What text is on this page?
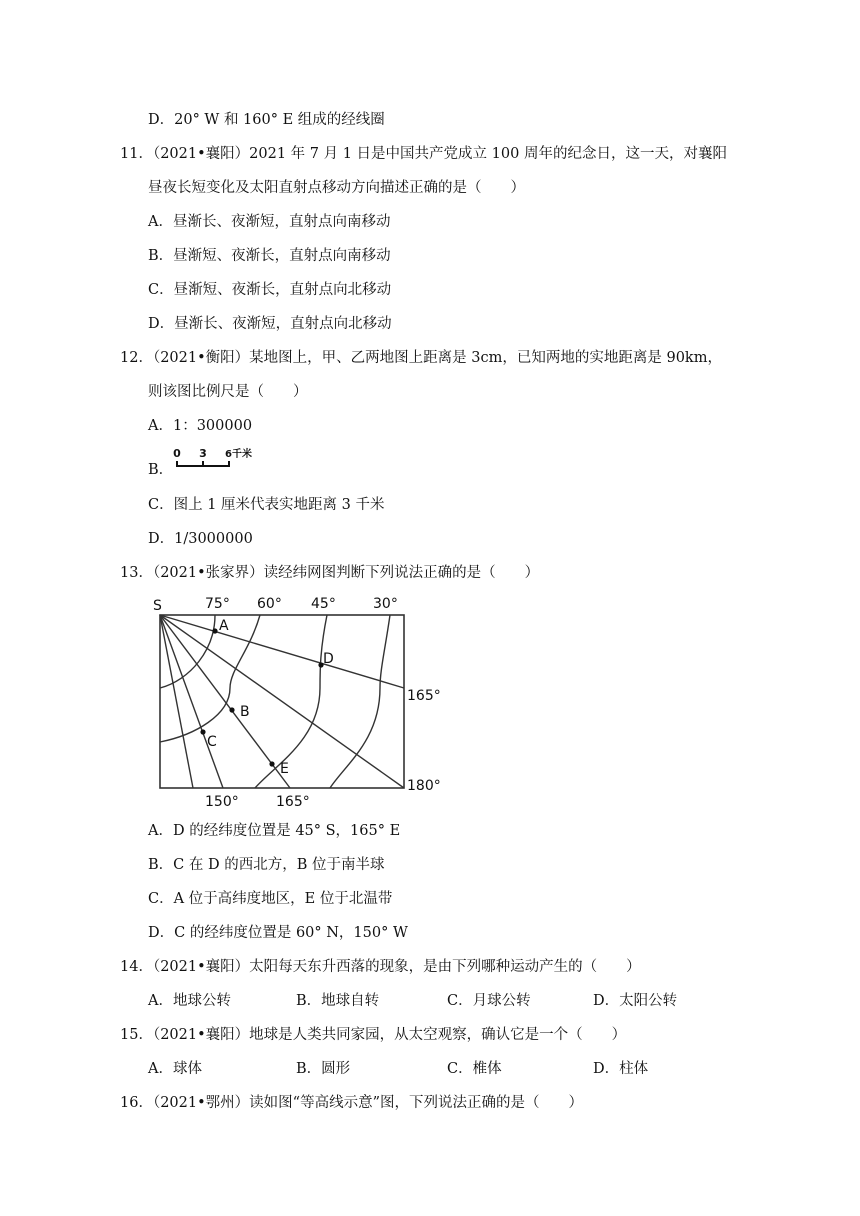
D．20° W 和 160° E 组成的经线圈
11．（2021•襄阳）2021 年 7 月 1 日是中国共产党成立 100 周年的纪念日，这一天，对襄阳
昼夜长短变化及太阳直射点移动方向描述正确的是（　　）
A．昼渐长、夜渐短，直射点向南移动
B．昼渐短、夜渐长，直射点向南移动
C．昼渐短、夜渐长，直射点向北移动
D．昼渐长、夜渐短，直射点向北移动
12．（2021•衡阳）某地图上，甲、乙两地图上距离是 3cm，已知两地的实地距离是 90km，
则该图比例尺是（　　）
A．1：300000
B．
0 3 6千米
C．图上 1 厘米代表实地距离 3 千米
D．1/3000000
13．（2021•张家界）读经纬网图判断下列说法正确的是（　　）
S	75° 60° 45°	30°
165°
180°
150°	165°
A
B
C
D
E
A．D 的经纬度位置是 45° S，165° E
B．C 在 D 的西北方，B 位于南半球
C．A 位于高纬度地区，E 位于北温带
D．C 的经纬度位置是 60° N，150° W
14．（2021•襄阳）太阳每天东升西落的现象，是由下列哪种运动产生的（　　）
A．地球公转	B．地球自转	C．月球公转	D．太阳公转
15．（2021•襄阳）地球是人类共同家园，从太空观察，确认它是一个（　　）
A．球体	B．圆形	C．椎体	D．柱体
16．（2021•鄂州）读如图“等高线示意”图，下列说法正确的是（　　）
